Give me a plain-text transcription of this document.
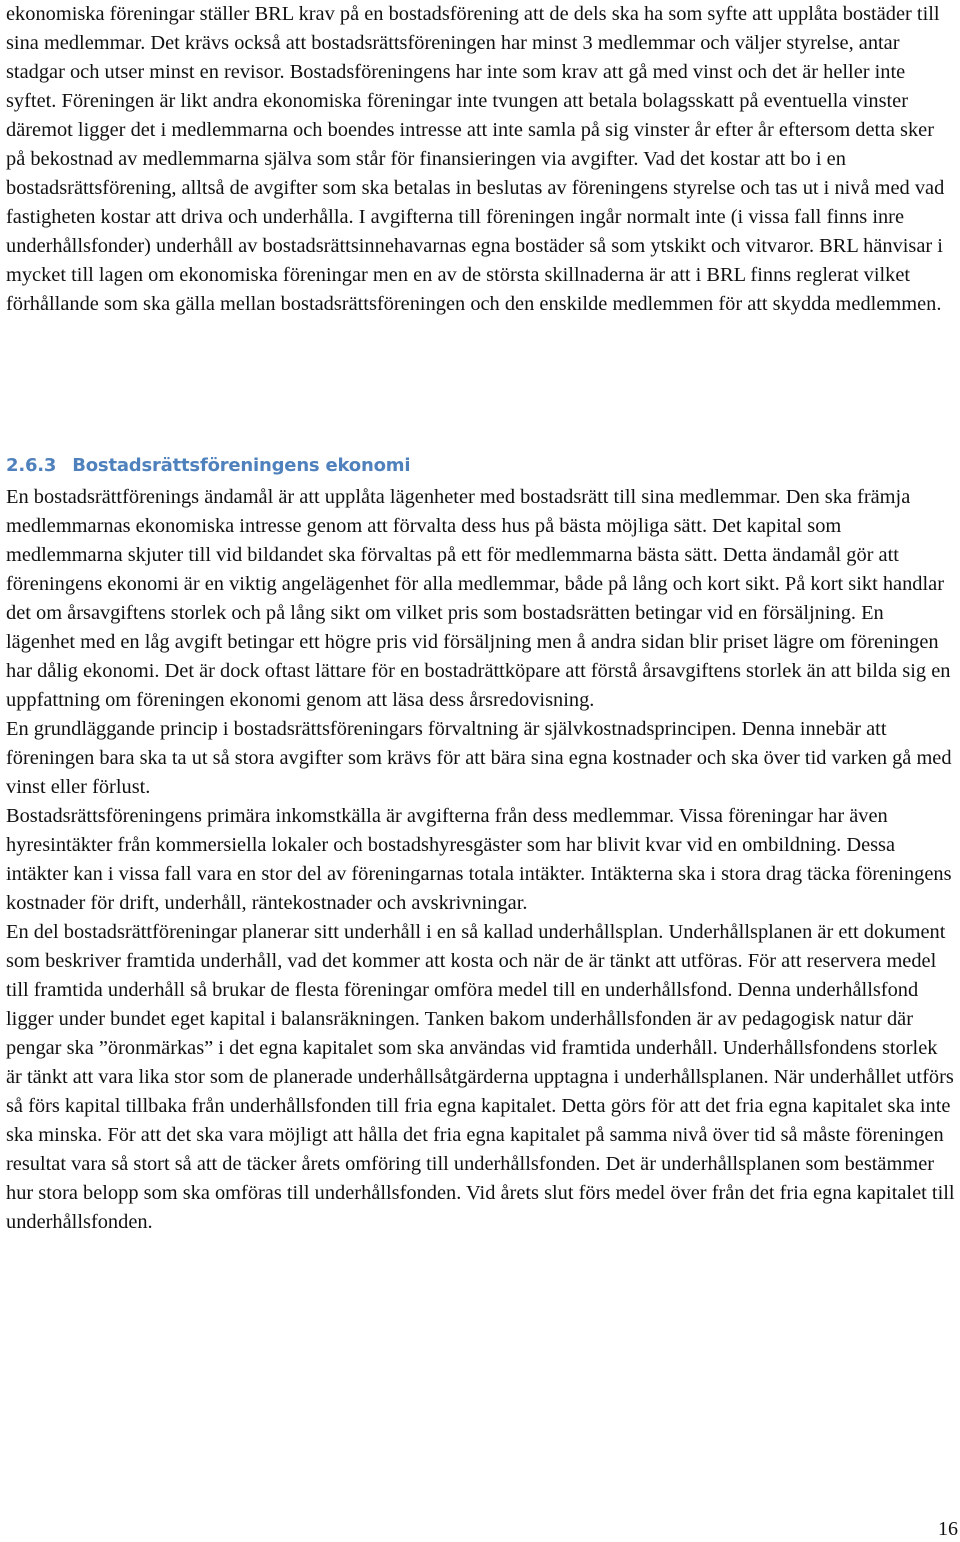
ekonomiska föreningar ställer BRL krav på en bostadsförening att de dels ska ha som syfte att upplåta bostäder till sina medlemmar. Det krävs också att bostadsrättsföreningen har minst 3 medlemmar och väljer styrelse, antar stadgar och utser minst en revisor. Bostadsföreningens har inte som krav att gå med vinst och det är heller inte syftet. Föreningen är likt andra ekonomiska föreningar inte tvungen att betala bolagsskatt på eventuella vinster däremot ligger det i medlemmarna och boendes intresse att inte samla på sig vinster år efter år eftersom detta sker på bekostnad av medlemmarna själva som står för finansieringen via avgifter. Vad det kostar att bo i en bostadsrättsförening, alltså de avgifter som ska betalas in beslutas av föreningens styrelse och tas ut i nivå med vad fastigheten kostar att driva och underhålla. I avgifterna till föreningen ingår normalt inte (i vissa fall finns inre underhållsfonder) underhåll av bostadsrättsinnehavarnas egna bostäder så som ytskikt och vitvaror. BRL hänvisar i mycket till lagen om ekonomiska föreningar men en av de största skillnaderna är att i BRL finns reglerat vilket förhållande som ska gälla mellan bostadsrättsföreningen och den enskilde medlemmen för att skydda medlemmen.

2.6.3 Bostadsrättsföreningens ekonomi

En bostadsrättförenings ändamål är att upplåta lägenheter med bostadsrätt till sina medlemmar. Den ska främja medlemmarnas ekonomiska intresse genom att förvalta dess hus på bästa möjliga sätt. Det kapital som medlemmarna skjuter till vid bildandet ska förvaltas på ett för medlemmarna bästa sätt. Detta ändamål gör att föreningens ekonomi är en viktig angelägenhet för alla medlemmar, både på lång och kort sikt. På kort sikt handlar det om årsavgiftens storlek och på lång sikt om vilket pris som bostadsrätten betingar vid en försäljning. En lägenhet med en låg avgift betingar ett högre pris vid försäljning men å andra sidan blir priset lägre om föreningen har dålig ekonomi. Det är dock oftast lättare för en bostadrättköpare att förstå årsavgiftens storlek än att bilda sig en uppfattning om föreningen ekonomi genom att läsa dess årsredovisning.

En grundläggande princip i bostadsrättsföreningars förvaltning är självkostnadsprincipen. Denna innebär att föreningen bara ska ta ut så stora avgifter som krävs för att bära sina egna kostnader och ska över tid varken gå med vinst eller förlust.

Bostadsrättsföreningens primära inkomstkälla är avgifterna från dess medlemmar. Vissa föreningar har även hyresintäkter från kommersiella lokaler och bostadshyresgäster som har blivit kvar vid en ombildning. Dessa intäkter kan i vissa fall vara en stor del av föreningarnas totala intäkter. Intäkterna ska i stora drag täcka föreningens kostnader för drift, underhåll, räntekostnader och avskrivningar.

En del bostadsrättföreningar planerar sitt underhåll i en så kallad underhållsplan. Underhållsplanen är ett dokument som beskriver framtida underhåll, vad det kommer att kosta och när de är tänkt att utföras. För att reservera medel till framtida underhåll så brukar de flesta föreningar omföra medel till en underhållsfond. Denna underhållsfond ligger under bundet eget kapital i balansräkningen. Tanken bakom underhållsfonden är av pedagogisk natur där pengar ska ”öronmärkas” i det egna kapitalet som ska användas vid framtida underhåll. Underhållsfondens storlek är tänkt att vara lika stor som de planerade underhållsåtgärderna upptagna i underhållsplanen. När underhållet utförs så förs kapital tillbaka från underhållsfonden till fria egna kapitalet. Detta görs för att det fria egna kapitalet ska inte ska minska. För att det ska vara möjligt att hålla det fria egna kapitalet på samma nivå över tid så måste föreningen resultat vara så stort så att de täcker årets omföring till underhållsfonden. Det är underhållsplanen som bestämmer hur stora belopp som ska omföras till underhållsfonden. Vid årets slut förs medel över från det fria egna kapitalet till underhållsfonden.

16
